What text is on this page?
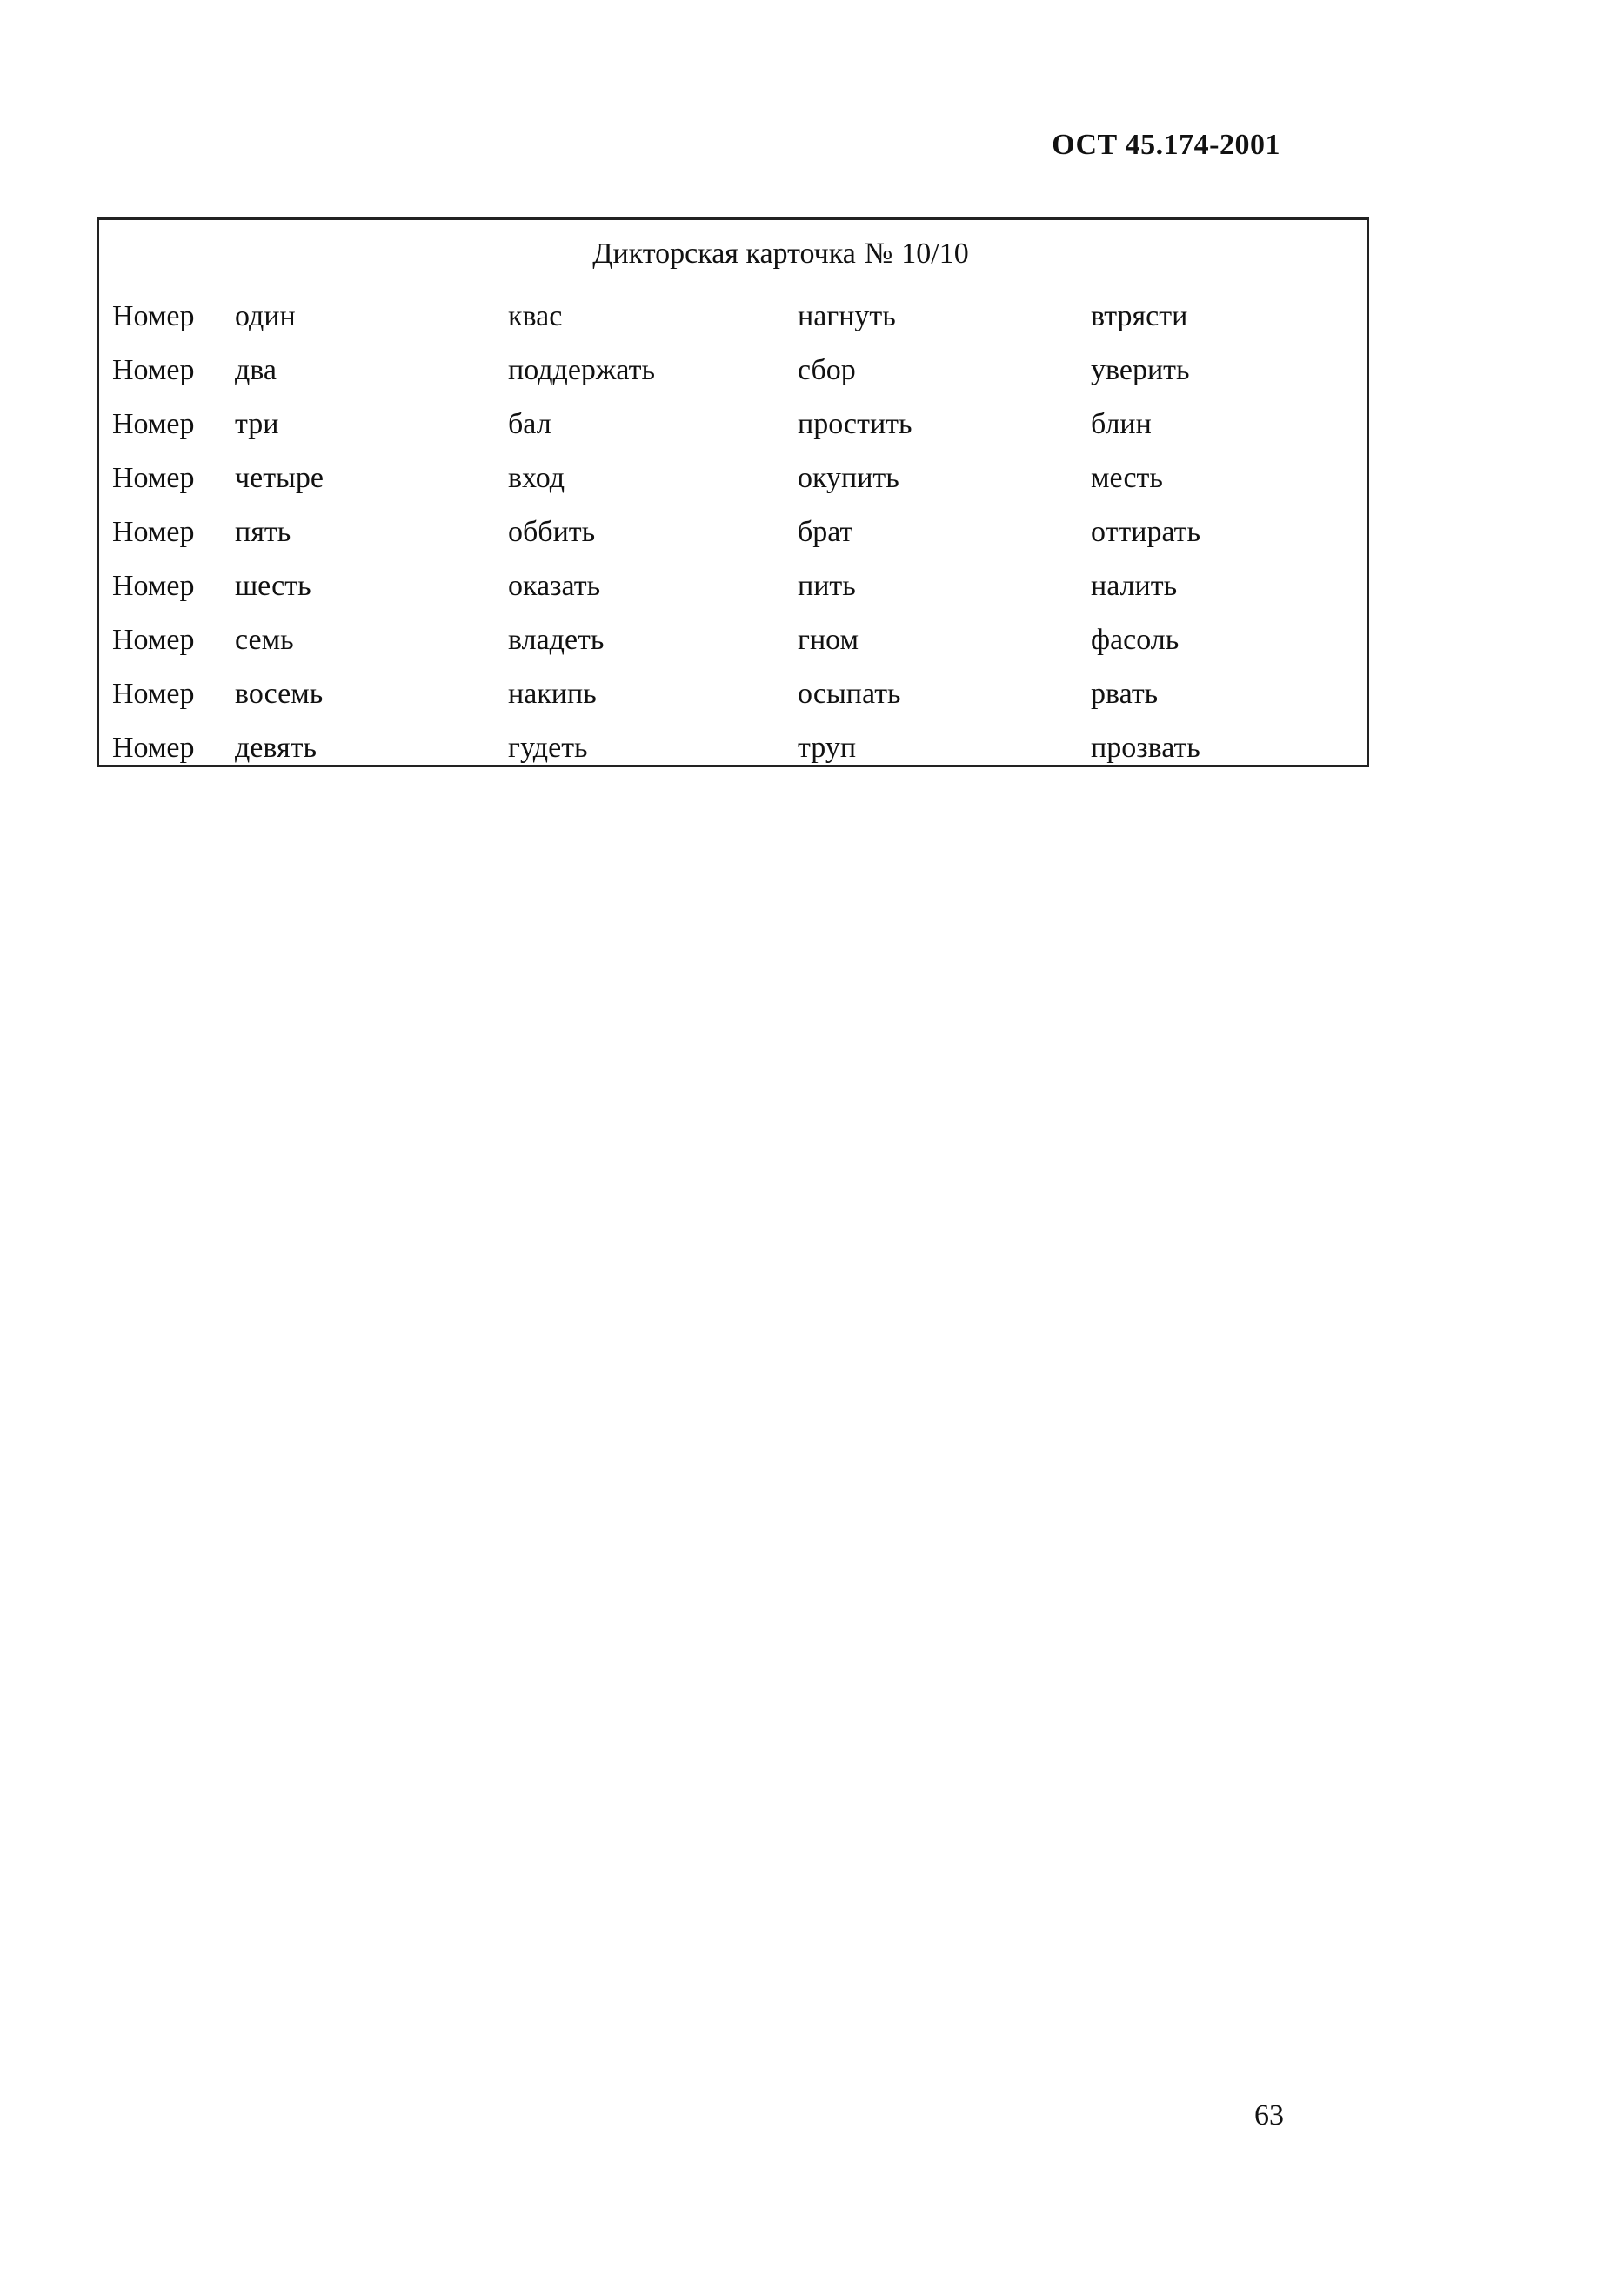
ОСТ 45.174-2001
Дикторская карточка № 10/10
Номер один	квас	нагнуть	втрясти
Номер два	поддержать	сбор	уверить
Номер три	бал	простить	блин
Номер четыре	вход	окупить	месть
Номер пять	оббить	брат	оттирать
Номер шесть	оказать	пить	налить
Номер семь	владеть	гном	фасоль
Номер восемь	накипь	осыпать	рвать
Номер девять	гудеть	труп	прозвать
63
